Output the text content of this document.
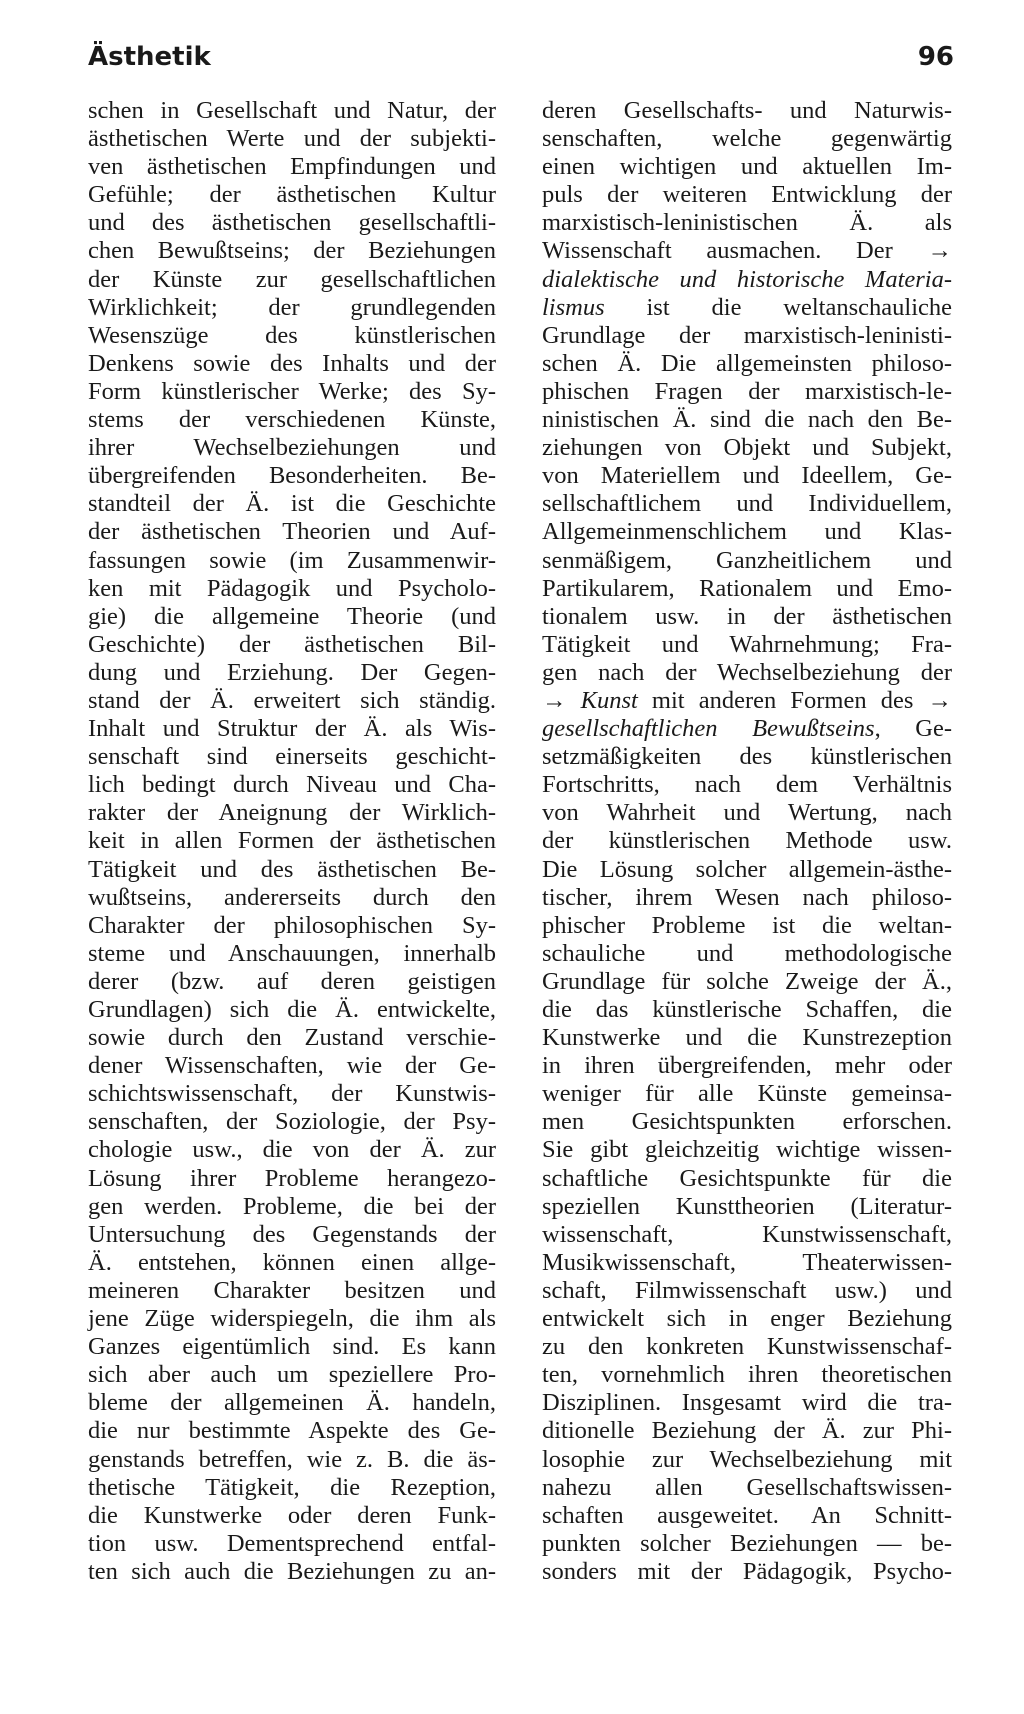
Ästhetik	96
schen in Gesellschaft und Natur, der
ästhetischen Werte und der subjekti-
ven ästhetischen Empfindungen und
Gefühle; der ästhetischen Kultur
und des ästhetischen gesellschaftli-
chen Bewußtseins; der Beziehungen
der Künste zur gesellschaftlichen
Wirklichkeit; der grundlegenden
Wesenszüge des künstlerischen
Denkens sowie des Inhalts und der
Form künstlerischer Werke; des Sy-
stems der verschiedenen Künste,
ihrer Wechselbeziehungen und
übergreifenden Besonderheiten. Be-
standteil der Ä. ist die Geschichte
der ästhetischen Theorien und Auf-
fassungen sowie (im Zusammenwir-
ken mit Pädagogik und Psycholo-
gie) die allgemeine Theorie (und
Geschichte) der ästhetischen Bil-
dung und Erziehung. Der Gegen-
stand der Ä. erweitert sich ständig.
Inhalt und Struktur der Ä. als Wis-
senschaft sind einerseits geschicht-
lich bedingt durch Niveau und Cha-
rakter der Aneignung der Wirklich-
keit in allen Formen der ästhetischen
Tätigkeit und des ästhetischen Be-
wußtseins, andererseits durch den
Charakter der philosophischen Sy-
steme und Anschauungen, innerhalb
derer (bzw. auf deren geistigen
Grundlagen) sich die Ä. entwickelte,
sowie durch den Zustand verschie-
dener Wissenschaften, wie der Ge-
schichtswissenschaft, der Kunstwis-
senschaften, der Soziologie, der Psy-
chologie usw., die von der Ä. zur
Lösung ihrer Probleme herangezo-
gen werden. Probleme, die bei der
Untersuchung des Gegenstands der
Ä. entstehen, können einen allge-
meineren Charakter besitzen und
jene Züge widerspiegeln, die ihm als
Ganzes eigentümlich sind. Es kann
sich aber auch um speziellere Pro-
bleme der allgemeinen Ä. handeln,
die nur bestimmte Aspekte des Ge-
genstands betreffen, wie z. B. die äs-
thetische Tätigkeit, die Rezeption,
die Kunstwerke oder deren Funk-
tion usw. Dementsprechend entfal-
ten sich auch die Beziehungen zu an-
deren Gesellschafts- und Naturwis-
senschaften, welche gegenwärtig
einen wichtigen und aktuellen Im-
puls der weiteren Entwicklung der
marxistisch-leninistischen Ä. als
Wissenschaft ausmachen. Der →
dialektische und historische Materia-
lismus ist die weltanschauliche
Grundlage der marxistisch-leninisti-
schen Ä. Die allgemeinsten philoso-
phischen Fragen der marxistisch-le-
ninistischen Ä. sind die nach den Be-
ziehungen von Objekt und Subjekt,
von Materiellem und Ideellem, Ge-
sellschaftlichem und Individuellem,
Allgemeinmenschlichem und Klas-
senmäßigem, Ganzheitlichem und
Partikularem, Rationalem und Emo-
tionalem usw. in der ästhetischen
Tätigkeit und Wahrnehmung; Fra-
gen nach der Wechselbeziehung der
→ Kunst mit anderen Formen des →
gesellschaftlichen Bewußtseins, Ge-
setzmäßigkeiten des künstlerischen
Fortschritts, nach dem Verhältnis
von Wahrheit und Wertung, nach
der künstlerischen Methode usw.
Die Lösung solcher allgemein-ästhe-
tischer, ihrem Wesen nach philoso-
phischer Probleme ist die weltan-
schauliche und methodologische
Grundlage für solche Zweige der Ä.,
die das künstlerische Schaffen, die
Kunstwerke und die Kunstrezeption
in ihren übergreifenden, mehr oder
weniger für alle Künste gemeinsa-
men Gesichtspunkten erforschen.
Sie gibt gleichzeitig wichtige wissen-
schaftliche Gesichtspunkte für die
speziellen Kunsttheorien (Literatur-
wissenschaft, Kunstwissenschaft,
Musikwissenschaft, Theaterwissen-
schaft, Filmwissenschaft usw.) und
entwickelt sich in enger Beziehung
zu den konkreten Kunstwissenschaf-
ten, vornehmlich ihren theoretischen
Disziplinen. Insgesamt wird die tra-
ditionelle Beziehung der Ä. zur Phi-
losophie zur Wechselbeziehung mit
nahezu allen Gesellschaftswissen-
schaften ausgeweitet. An Schnitt-
punkten solcher Beziehungen — be-
sonders mit der Pädagogik, Psycho-
